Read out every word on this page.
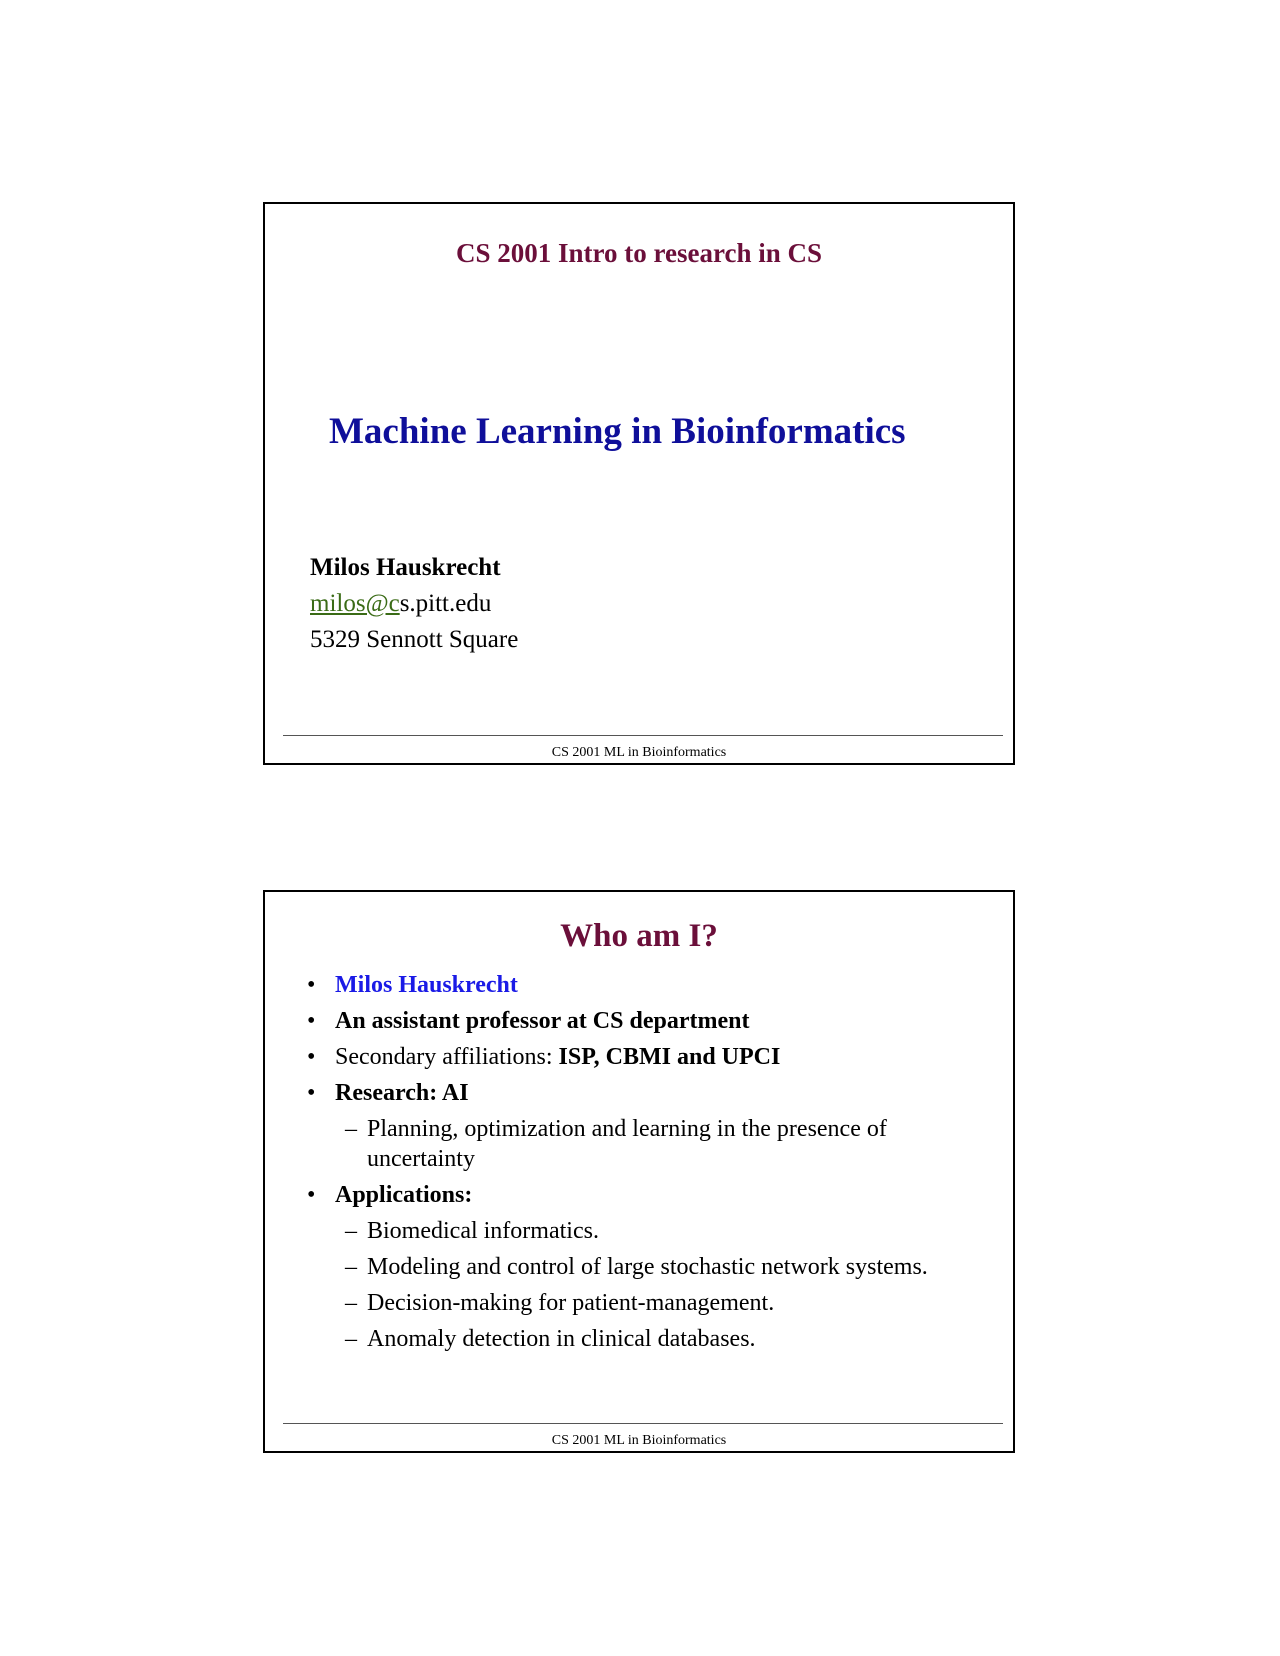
CS 2001 Intro to research in CS
Machine Learning in Bioinformatics
Milos Hauskrecht
milos@cs.pitt.edu
5329 Sennott Square
CS 2001 ML in Bioinformatics
Who am I?
• Milos Hauskrecht
• An assistant professor at CS department
• Secondary affiliations: ISP, CBMI and UPCI
• Research: AI
– Planning, optimization and learning in the presence of uncertainty
• Applications:
– Biomedical informatics.
– Modeling and control of large stochastic network systems.
– Decision-making for patient-management.
– Anomaly detection in clinical databases.
CS 2001 ML in Bioinformatics
